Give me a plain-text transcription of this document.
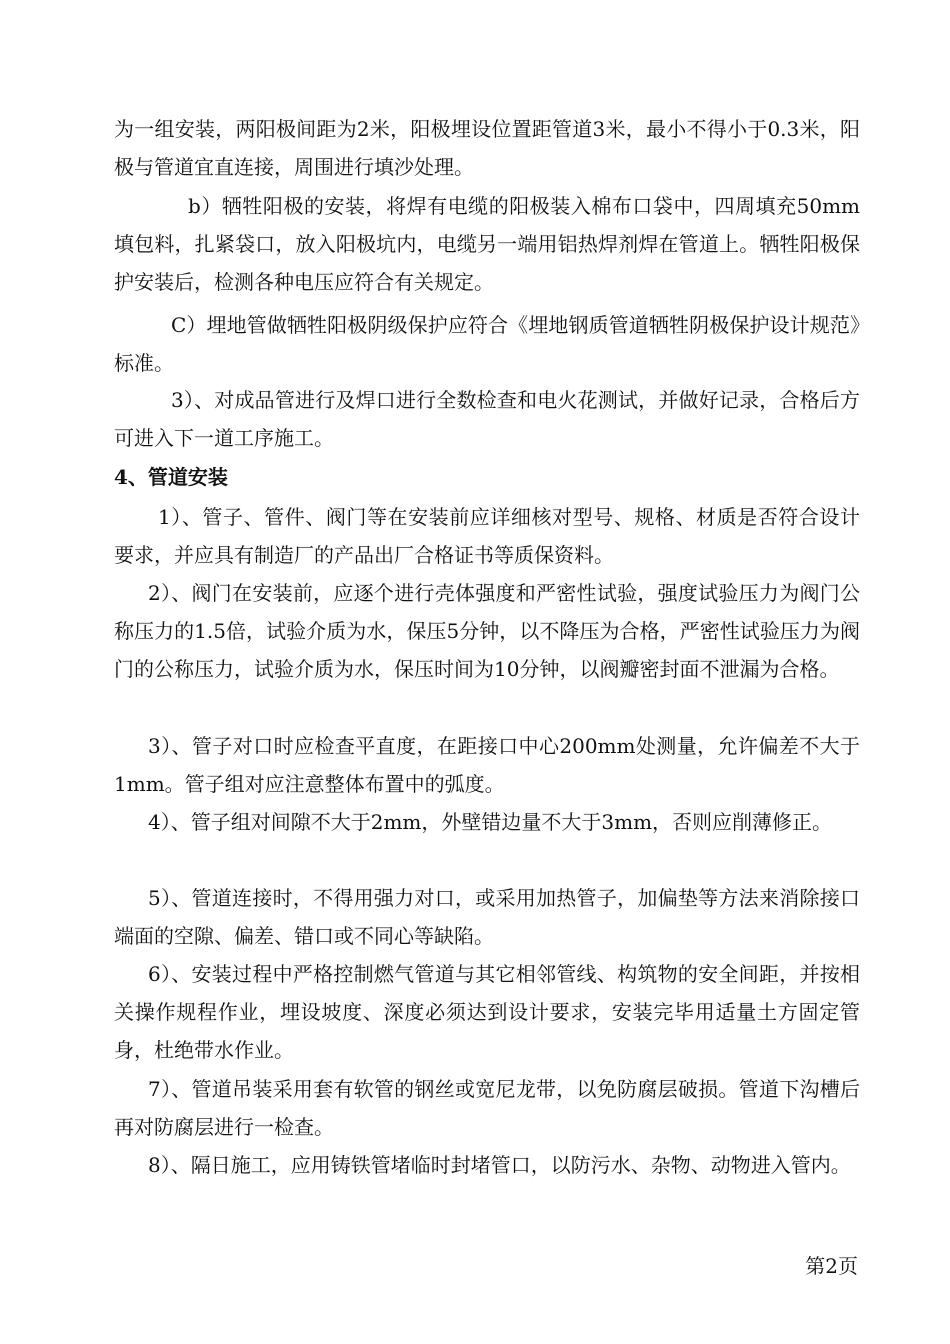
为一组安装，两阳极间距为2米，阳极埋设位置距管道3米，最小不得小于0.3米，阳极与管道宜直连接，周围进行填沙处理。

b）牺牲阳极的安装，将焊有电缆的阳极装入棉布口袋中，四周填充50mm填包料，扎紧袋口，放入阳极坑内，电缆另一端用铝热焊剂焊在管道上。牺牲阳极保护安装后，检测各种电压应符合有关规定。

C）埋地管做牺牲阳极阴级保护应符合《埋地钢质管道牺牲阴极保护设计规范》标准。

3）、对成品管进行及焊口进行全数检查和电火花测试，并做好记录，合格后方可进入下一道工序施工。

4、管道安装

1）、管子、管件、阀门等在安装前应详细核对型号、规格、材质是否符合设计要求，并应具有制造厂的产品出厂合格证书等质保资料。

2）、阀门在安装前，应逐个进行壳体强度和严密性试验，强度试验压力为阀门公称压力的1.5倍，试验介质为水，保压5分钟，以不降压为合格，严密性试验压力为阀门的公称压力，试验介质为水，保压时间为10分钟，以阀瓣密封面不泄漏为合格。

3）、管子对口时应检查平直度，在距接口中心200mm处测量，允许偏差不大于1mm。管子组对应注意整体布置中的弧度。

4）、管子组对间隙不大于2mm，外壁错边量不大于3mm，否则应削薄修正。

5）、管道连接时，不得用强力对口，或采用加热管子，加偏垫等方法来消除接口端面的空隙、偏差、错口或不同心等缺陷。

6）、安装过程中严格控制燃气管道与其它相邻管线、构筑物的安全间距，并按相关操作规程作业，埋设坡度、深度必须达到设计要求，安装完毕用适量土方固定管身，杜绝带水作业。

7）、管道吊装采用套有软管的钢丝或宽尼龙带，以免防腐层破损。管道下沟槽后再对防腐层进行一检查。

8）、隔日施工，应用铸铁管堵临时封堵管口，以防污水、杂物、动物进入管内。

第2页
